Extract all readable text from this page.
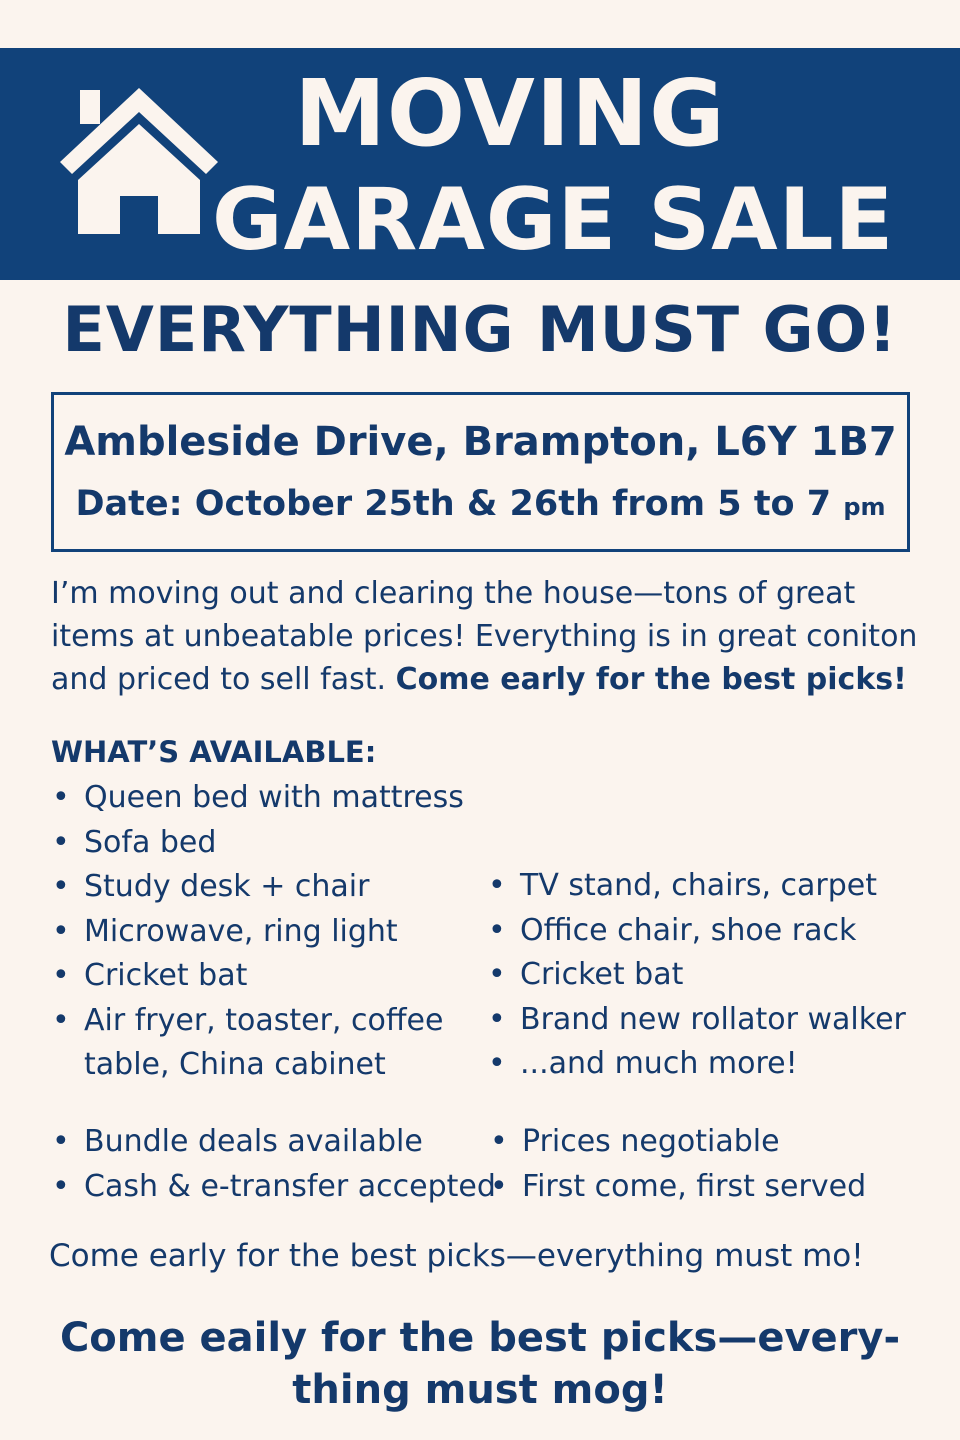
MOVING
GARAGE SALE
EVERYTHING MUST GO!
Ambleside Drive, Brampton, L6Y 1B7
Date: October 25th & 26th from 5 to 7 pm
I’m moving out and clearing the house—tons of great items at unbeatable prices! Everything is in great coniton and priced to sell fast. Come early for the best picks!
WHAT’S AVAILABLE:
• Queen bed with mattress
• Sofa bed
• Study desk + chair
• Microwave, ring light
• Cricket bat
• Air fryer, toaster, coffee
table, China cabinet
• TV stand, chairs, carpet
• Office chair, shoe rack
• Cricket bat
• Brand new rollator walker
• ...and much more!
• Bundle deals available
• Cash & e-transfer accepted
• Prices negotiable
• First come, first served
Come early for the best picks—everything must mo!
Come eaily for the best picks—every-
thing must mog!
